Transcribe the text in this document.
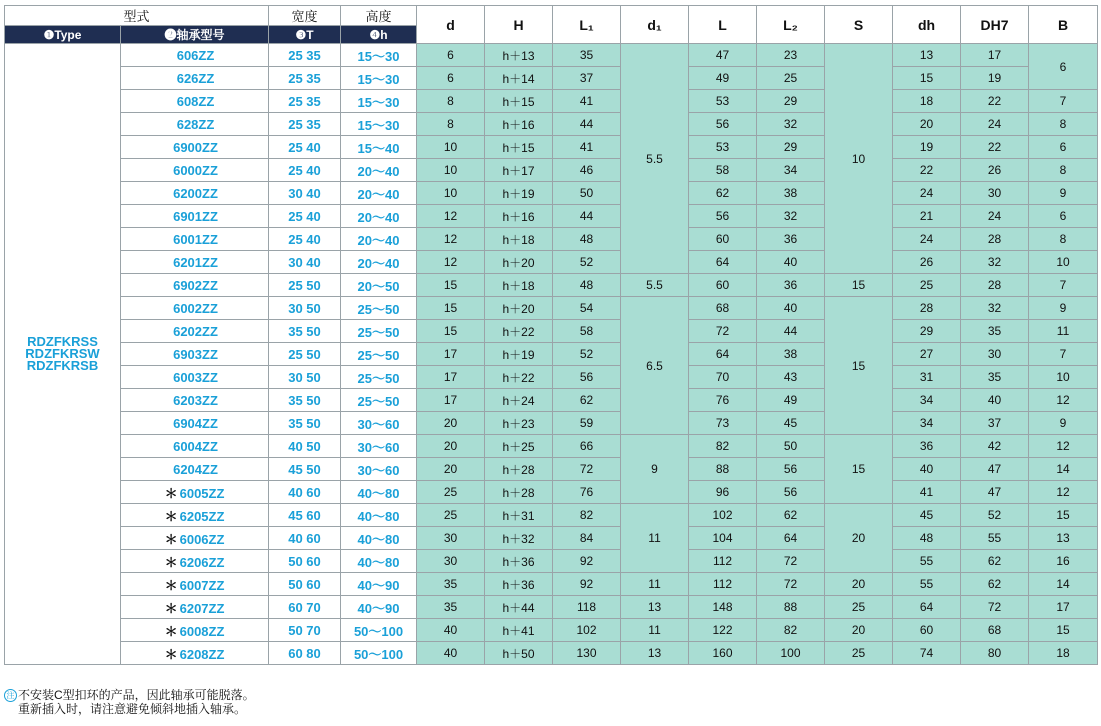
型式		宽度	高度	d	H	L₁	d₁	L	L₂	S	dh	DH7	B
❶Type	❷轴承型号	❸T	❹h										

RDZFKRSS
RDZFKRSW
RDZFKRSB	606ZZ	25 35	15～30	6	h＋13	35	5.5	47	23	10	13	17	6
	626ZZ	25 35	15～30	6	h＋14	37		49	25		15	19	
	608ZZ	25 35	15～30	8	h＋15	41		53	29		18	22	7
	628ZZ	25 35	15～30	8	h＋16	44		56	32		20	24	8
	6900ZZ	25 40	15～40	10	h＋15	41		53	29		19	22	6
	6000ZZ	25 40	20～40	10	h＋17	46		58	34		22	26	8
	6200ZZ	30 40	20～40	10	h＋19	50		62	38		24	30	9
	6901ZZ	25 40	20～40	12	h＋16	44		56	32		21	24	6
	6001ZZ	25 40	20～40	12	h＋18	48		60	36		24	28	8
	6201ZZ	30 40	20～40	12	h＋20	52		64	40		26	32	10
	6902ZZ	25 50	20～50	15	h＋18	48	5.5	60	36	15	25	28	7
	6002ZZ	30 50	25～50	15	h＋20	54	6.5	68	40	15	28	32	9
	6202ZZ	35 50	25～50	15	h＋22	58		72	44		29	35	11
	6903ZZ	25 50	25～50	17	h＋19	52		64	38		27	30	7
	6003ZZ	30 50	25～50	17	h＋22	56		70	43		31	35	10
	6203ZZ	35 50	25～50	17	h＋24	62		76	49		34	40	12
	6904ZZ	35 50	30～60	20	h＋23	59		73	45		34	37	9
	6004ZZ	40 50	30～60	20	h＋25	66	9	82	50	15	36	42	12
	6204ZZ	45 50	30～60	20	h＋28	72		88	56		40	47	14
	＊ 6005ZZ	40 60	40～80	25	h＋28	76		96	56		41	47	12
	＊ 6205ZZ	45 60	40～80	25	h＋31	82	11	102	62	20	45	52	15
	＊ 6006ZZ	40 60	40～80	30	h＋32	84		104	64		48	55	13
	＊ 6206ZZ	50 60	40～80	30	h＋36	92		112	72		55	62	16
	＊ 6007ZZ	50 60	40～90	35	h＋36	92	11	112	72	20	55	62	14
	＊ 6207ZZ	60 70	40～90	35	h＋44	118	13	148	88	25	64	72	17
	＊ 6008ZZ	50 70	50～100	40	h＋41	102	11	122	82	20	60	68	15
	＊ 6208ZZ	60 80	50～100	40	h＋50	130	13	160	100	25	74	80	18
注 不安装C型扣环的产品，因此轴承可能脱落。
重新插入时，请注意避免倾斜地插入轴承。
